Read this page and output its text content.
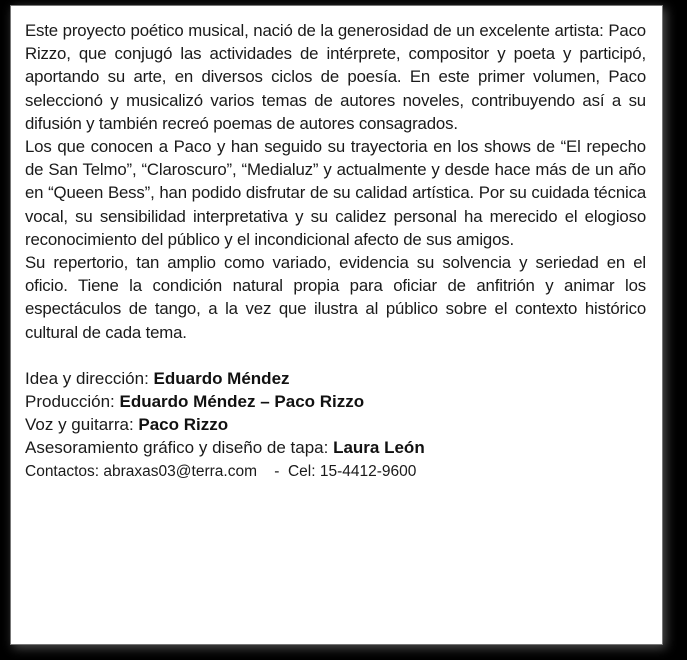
Este proyecto poético musical, nació de la generosidad de un excelente artista: Paco Rizzo, que conjugó las actividades de intérprete, compositor y poeta y participó, aportando su arte, en diversos ciclos de poesía. En este primer volumen, Paco seleccionó y musicalizó varios temas de autores noveles, contribuyendo así a su difusión y también recreó poemas de autores consagrados.

Los que conocen a Paco y han seguido su trayectoria en los shows de “El repecho de San Telmo”, “Claroscuro”, “Medialuz” y actualmente y desde hace más de un año en “Queen Bess”, han podido disfrutar de su calidad artística. Por su cuidada técnica vocal, su sensibilidad interpretativa y su calidez personal ha merecido el elogioso reconocimiento del público y el incondicional afecto de sus amigos.

Su repertorio, tan amplio como variado, evidencia su solvencia y seriedad en el oficio. Tiene la condición natural propia para oficiar de anfitrión y animar los espectáculos de tango, a la vez que ilustra al público sobre el contexto histórico cultural de cada tema.

Idea y dirección: Eduardo Méndez

Producción: Eduardo Méndez – Paco Rizzo

Voz y guitarra: Paco Rizzo

Asesoramiento gráfico y diseño de tapa: Laura León

Contactos: abraxas03@terra.com    -  Cel: 15-4412-9600
